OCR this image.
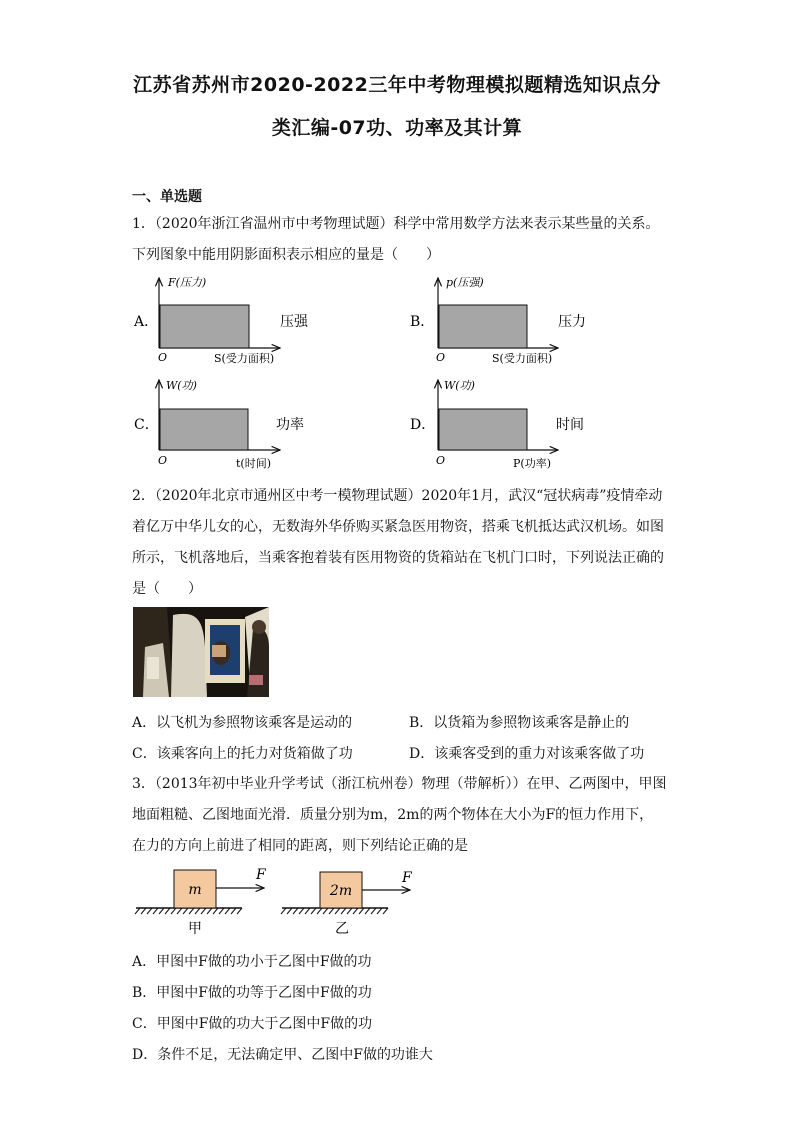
江苏省苏州市2020-2022三年中考物理模拟题精选知识点分
类汇编-07功、功率及其计算
一、单选题
1．（2020年浙江省温州市中考物理试题）科学中常用数学方法来表示某些量的关系。
下列图象中能用阴影面积表示相应的量是（　　）
A．
F(压力)
O	S(受力面积)
压强	B．
p(压强)
O	S(受力面积)
压力
C．
W(功)
O	t(时间)
功率	D．
W(功)
O	P(功率)
时间
2．（2020年北京市通州区中考一模物理试题）2020年1月，武汉“冠状病毒”疫情牵动
着亿万中华儿女的心，无数海外华侨购买紧急医用物资，搭乘飞机抵达武汉机场。如图
所示，飞机落地后，当乘客抱着装有医用物资的货箱站在飞机门口时，下列说法正确的
是（　　）
A．以飞机为参照物该乘客是运动的	B．以货箱为参照物该乘客是静止的
C．该乘客向上的托力对货箱做了功	D．该乘客受到的重力对该乘客做了功
3．（2013年初中毕业升学考试（浙江杭州卷）物理（带解析））在甲、乙两图中，甲图
地面粗糙、乙图地面光滑．质量分别为m，2m的两个物体在大小为F的恒力作用下，
在力的方向上前进了相同的距离，则下列结论正确的是
m
F
甲
2m
F
乙
A．甲图中F做的功小于乙图中F做的功
B．甲图中F做的功等于乙图中F做的功
C．甲图中F做的功大于乙图中F做的功
D．条件不足，无法确定甲、乙图中F做的功谁大
